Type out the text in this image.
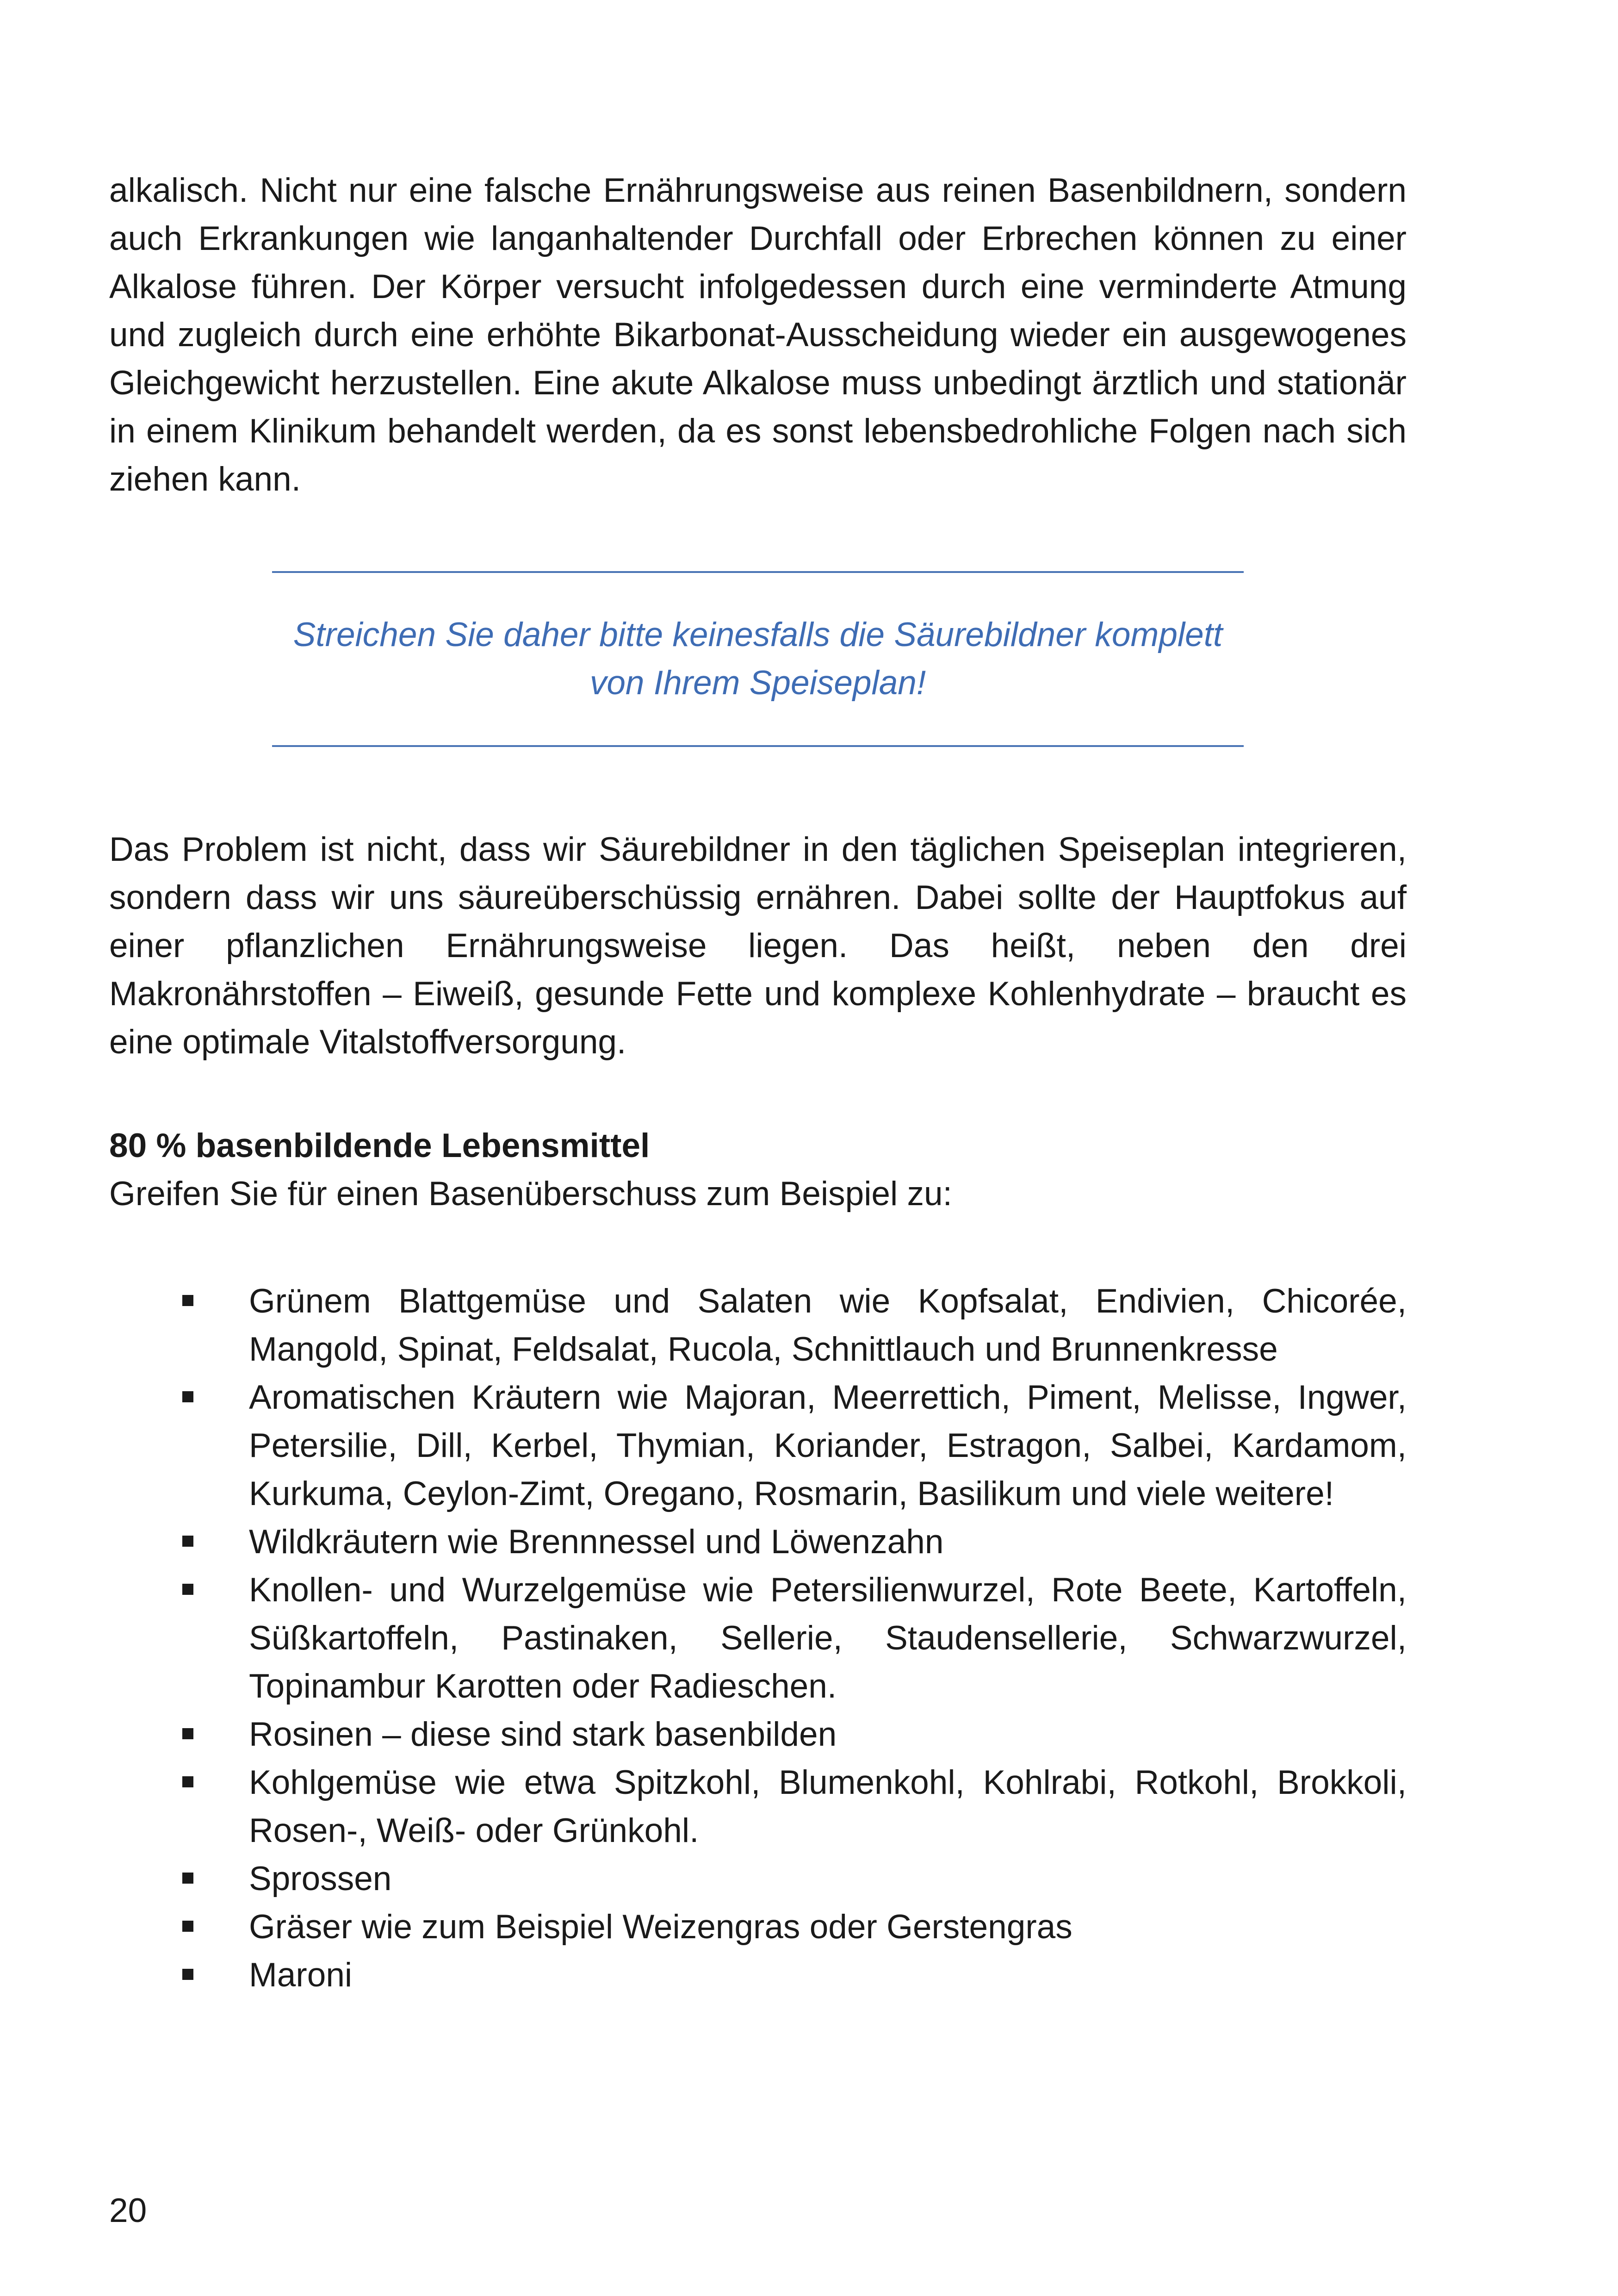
alkalisch. Nicht nur eine falsche Ernährungsweise aus reinen Basenbildnern, sondern auch Erkrankungen wie langanhaltender Durchfall oder Erbrechen können zu einer Alkalose führen. Der Körper versucht infolgedessen durch eine verminderte Atmung und zugleich durch eine erhöhte Bikarbonat-Ausscheidung wieder ein ausgewogenes Gleichgewicht herzustellen. Eine akute Alkalose muss unbedingt ärztlich und stationär in einem Klinikum behandelt werden, da es sonst lebensbedrohliche Folgen nach sich ziehen kann.

Streichen Sie daher bitte keinesfalls die Säurebildner komplett von Ihrem Speiseplan!

Das Problem ist nicht, dass wir Säurebildner in den täglichen Speiseplan integrieren, sondern dass wir uns säureüberschüssig ernähren. Dabei sollte der Hauptfokus auf einer pflanzlichen Ernährungsweise liegen. Das heißt, neben den drei Makronährstoffen – Eiweiß, gesunde Fette und komplexe Kohlenhydrate – braucht es eine optimale Vitalstoffversorgung.

80 % basenbildende Lebensmittel

Greifen Sie für einen Basenüberschuss zum Beispiel zu:

Grünem Blattgemüse und Salaten wie Kopfsalat, Endivien, Chicorée, Mangold, Spinat, Feldsalat, Rucola, Schnittlauch und Brunnenkresse
Aromatischen Kräutern wie Majoran, Meerrettich, Piment, Melisse, Ingwer, Petersilie, Dill, Kerbel, Thymian, Koriander, Estragon, Salbei, Kardamom, Kurkuma, Ceylon-Zimt, Oregano, Rosmarin, Basilikum und viele weitere!
Wildkräutern wie Brennnessel und Löwenzahn
Knollen- und Wurzelgemüse wie Petersilienwurzel, Rote Beete, Kartoffeln, Süßkartoffeln, Pastinaken, Sellerie, Staudensellerie, Schwarzwurzel, Topinambur Karotten oder Radieschen.
Rosinen – diese sind stark basenbilden
Kohlgemüse wie etwa Spitzkohl, Blumenkohl, Kohlrabi, Rotkohl, Brokkoli, Rosen-, Weiß- oder Grünkohl.
Sprossen
Gräser wie zum Beispiel Weizengras oder Gerstengras
Maroni
20
